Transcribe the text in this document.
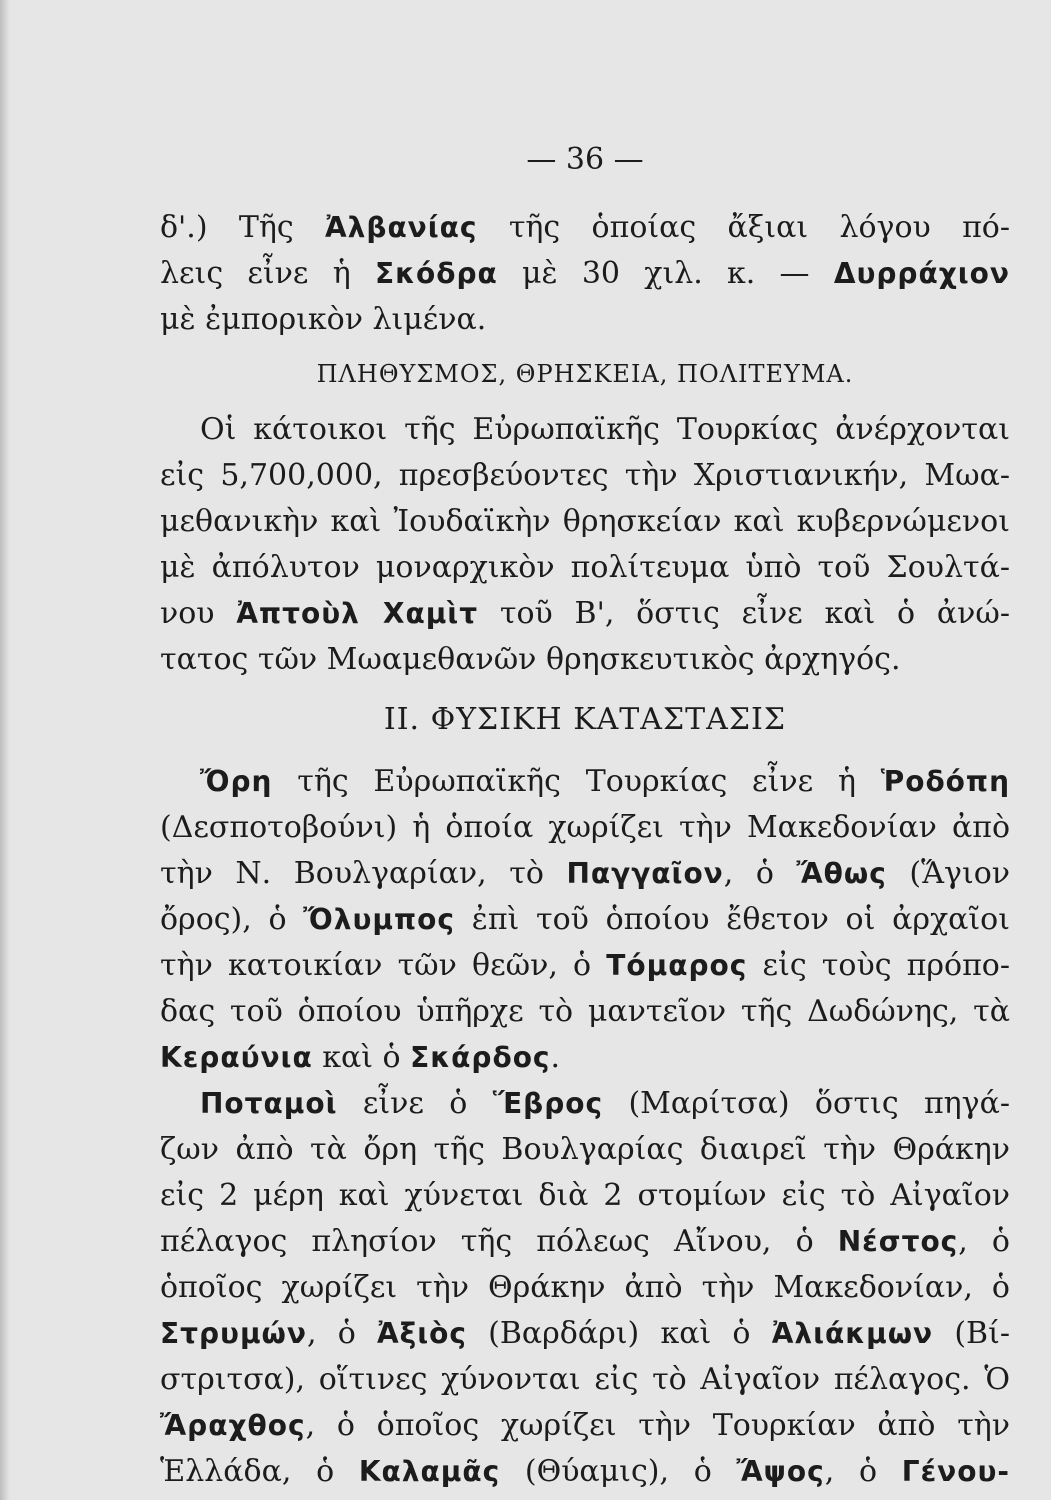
— 36 —
δ'.) Τῆς Ἀλβανίας τῆς ὁποίας ἄξιαι λόγου πό-
λεις εἶνε ἡ Σκόδρα μὲ 30 χιλ. κ. — Δυρράχιον
μὲ ἐμπορικὸν λιμένα.
ΠΛΗΘΥΣΜΟΣ, ΘΡΗΣΚΕΙΑ, ΠΟΛΙΤΕΥΜΑ.
Οἱ κάτοικοι τῆς Εὐρωπαϊκῆς Τουρκίας ἀνέρχονται
εἰς 5,700,000, πρεσβεύοντες τὴν Χριστιανικήν, Μωα-
μεθανικὴν καὶ Ἰουδαϊκὴν θρησκείαν καὶ κυβερνώμενοι
μὲ ἀπόλυτον μοναρχικὸν πολίτευμα ὑπὸ τοῦ Σουλτά-
νου Ἀπτοὺλ Χαμὶτ τοῦ Β', ὅστις εἶνε καὶ ὁ ἀνώ-
τατος τῶν Μωαμεθανῶν θρησκευτικὸς ἀρχηγός.
ΙΙ. ΦΥΣΙΚΗ ΚΑΤΑΣΤΑΣΙΣ
Ὄρη τῆς Εὐρωπαϊκῆς Τουρκίας εἶνε ἡ Ῥοδόπη
(Δεσποτοβούνι) ἡ ὁποία χωρίζει τὴν Μακεδονίαν ἀπὸ
τὴν Ν. Βουλγαρίαν, τὸ Παγγαῖον, ὁ Ἄθως (Ἅγιον
ὄρος), ὁ Ὄλυμπος ἐπὶ τοῦ ὁποίου ἔθετον οἱ ἀρχαῖοι
τὴν κατοικίαν τῶν θεῶν, ὁ Τόμαρος εἰς τοὺς πρόπο-
δας τοῦ ὁποίου ὑπῆρχε τὸ μαντεῖον τῆς Δωδώνης, τὰ
Κεραύνια καὶ ὁ Σκάρδος.
Ποταμοὶ εἶνε ὁ Ἕβρος (Μαρίτσα) ὅστις πηγά-
ζων ἀπὸ τὰ ὄρη τῆς Βουλγαρίας διαιρεῖ τὴν Θράκην
εἰς 2 μέρη καὶ χύνεται διὰ 2 στομίων εἰς τὸ Αἰγαῖον
πέλαγος πλησίον τῆς πόλεως Αἴνου, ὁ Νέστος, ὁ
ὁποῖος χωρίζει τὴν Θράκην ἀπὸ τὴν Μακεδονίαν, ὁ
Στρυμών, ὁ Ἀξιὸς (Βαρδάρι) καὶ ὁ Ἀλιάκμων (Βί-
στριτσα), οἵτινες χύνονται εἰς τὸ Αἰγαῖον πέλαγος. Ὁ
Ἄραχθος, ὁ ὁποῖος χωρίζει τὴν Τουρκίαν ἀπὸ τὴν
Ἑλλάδα, ὁ Καλαμᾶς (Θύαμις), ὁ Ἄψος, ὁ Γένου-
